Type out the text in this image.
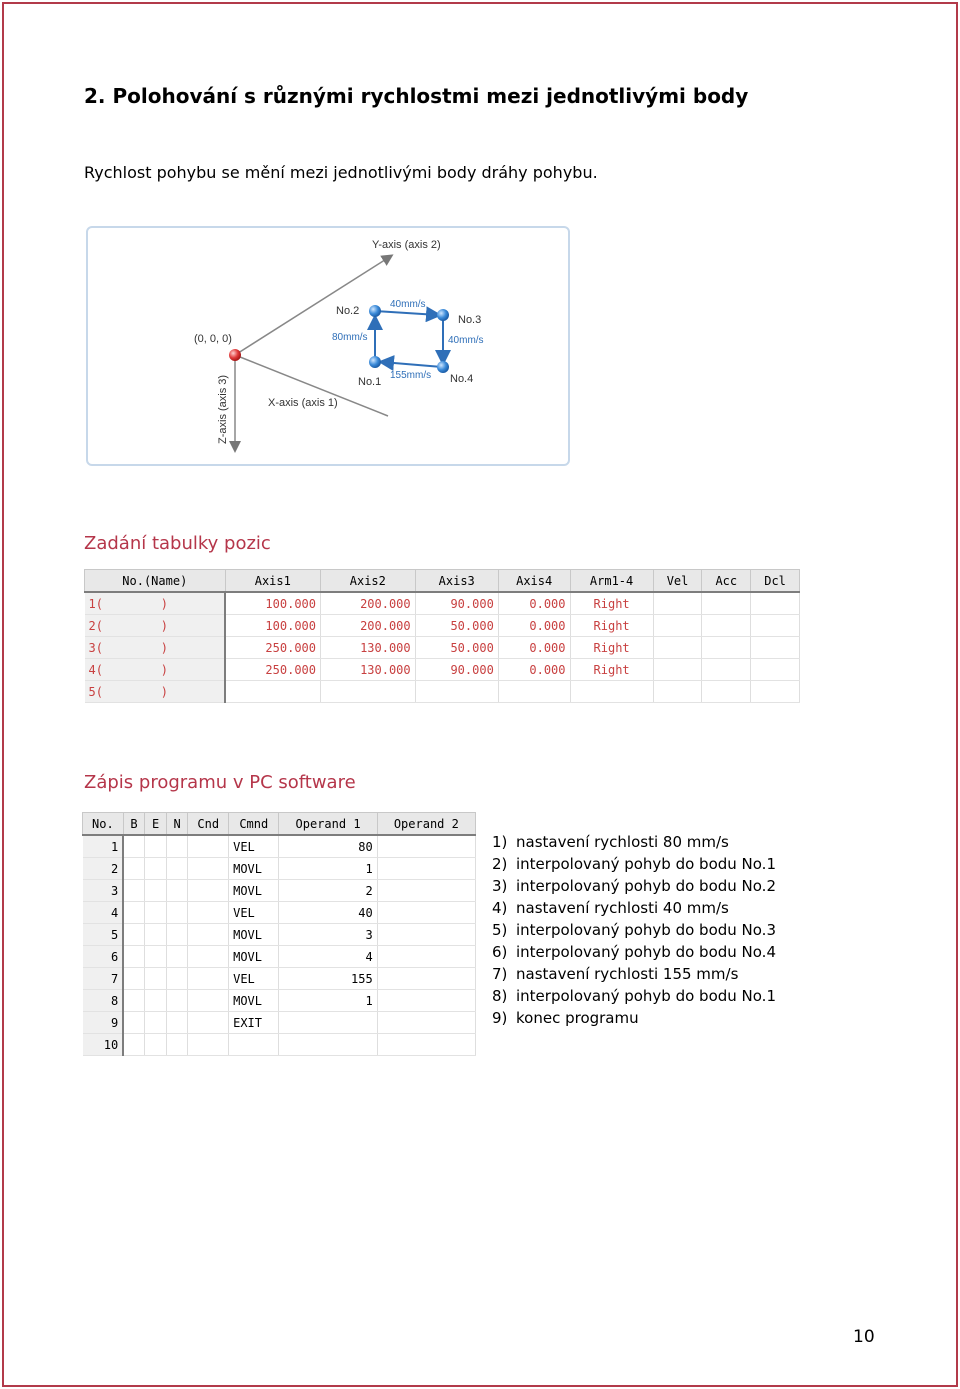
2. Polohování s různými rychlostmi mezi jednotlivými body
Rychlost pohybu se mění mezi jednotlivými body dráhy pohybu.
Y-axis (axis 2)
X-axis (axis 1)
Z-axis (axis 3)
(0, 0, 0)
No.1
No.2
No.3
No.4
80mm/s
40mm/s
40mm/s
155mm/s
Zadání tabulky pozic
No.(Name)	Axis1	Axis2	Axis3	Axis4	Arm1-4	Vel	Acc	Dcl
1(        )	100.000	200.000	90.000	0.000	Right			
2(        )	100.000	200.000	50.000	0.000	Right			
3(        )	250.000	130.000	50.000	0.000	Right			
4(        )	250.000	130.000	90.000	0.000	Right			
5(        )								
Zápis programu v PC software
No.	B	E	N	Cnd	Cmnd	Operand 1	Operand 2
1					VEL	80	
2					MOVL	1	
3					MOVL	2	
4					VEL	40	
5					MOVL	3	
6					MOVL	4	
7					VEL	155	
8					MOVL	1	
9					EXIT		
10							
1) nastavení rychlosti 80 mm/s
2) interpolovaný pohyb do bodu No.1
3) interpolovaný pohyb do bodu No.2
4) nastavení rychlosti 40 mm/s
5) interpolovaný pohyb do bodu No.3
6) interpolovaný pohyb do bodu No.4
7) nastavení rychlosti 155 mm/s
8) interpolovaný pohyb do bodu No.1
9) konec programu
10
